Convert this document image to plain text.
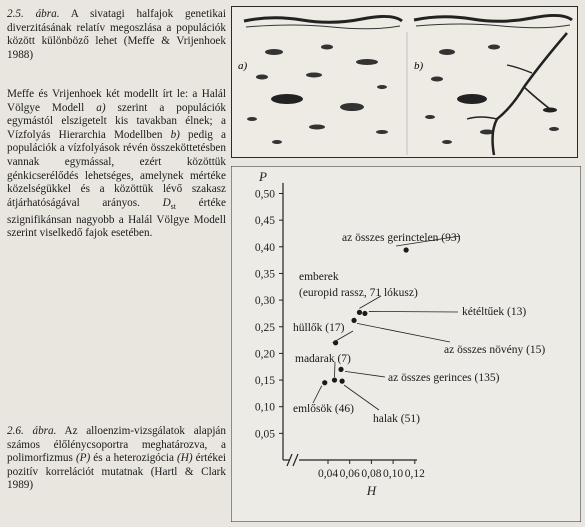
2.5. ábra. A sivatagi halfajok genetikai diverzitásának relatív megoszlása a populációk között különböző lehet (Meffe & Vrijenhoek 1988)

Meffe és Vrijenhoek két modellt írt le: a Halál Völgye Modell a) szerint a populációk egymástól elszigetelt kis tavakban élnek; a Vízfolyás Hierarchia Modellben b) pedig a populációk a vízfolyások révén összeköttetésben vannak egymással, ezért közöttük génkicserélődés lehetséges, amelynek mértéke közelségükkel és a közöttük lévő szakasz átjárhatóságával arányos. $D_{st}$ értéke szignifikánsan nagyobb a Halál Völgye Modell szerint viselkedő fajok esetében.

2.6. ábra. Az alloenzim-vizsgálatok alapján számos élőlénycsoportra meghatározva, a polimorfizmus (P) és a heterozigócia (H) értékei pozitív korrelációt mutatnak (Hartl & Clark 1989)

a)	b)
0,05
0,10
0,15
0,20
0,25
0,30
0,35
0,40
0,45
0,50
0,04 0,06 0,08 0,10 0,12
P
H
az összes gerinctelen (93)
emberek
(europid rassz, 71 lókusz)
kétéltűek (13)
az összes növény (15)
hüllők (17)
madarak (7)
az összes gerinces (135)
emlősök (46)
halak (51)
